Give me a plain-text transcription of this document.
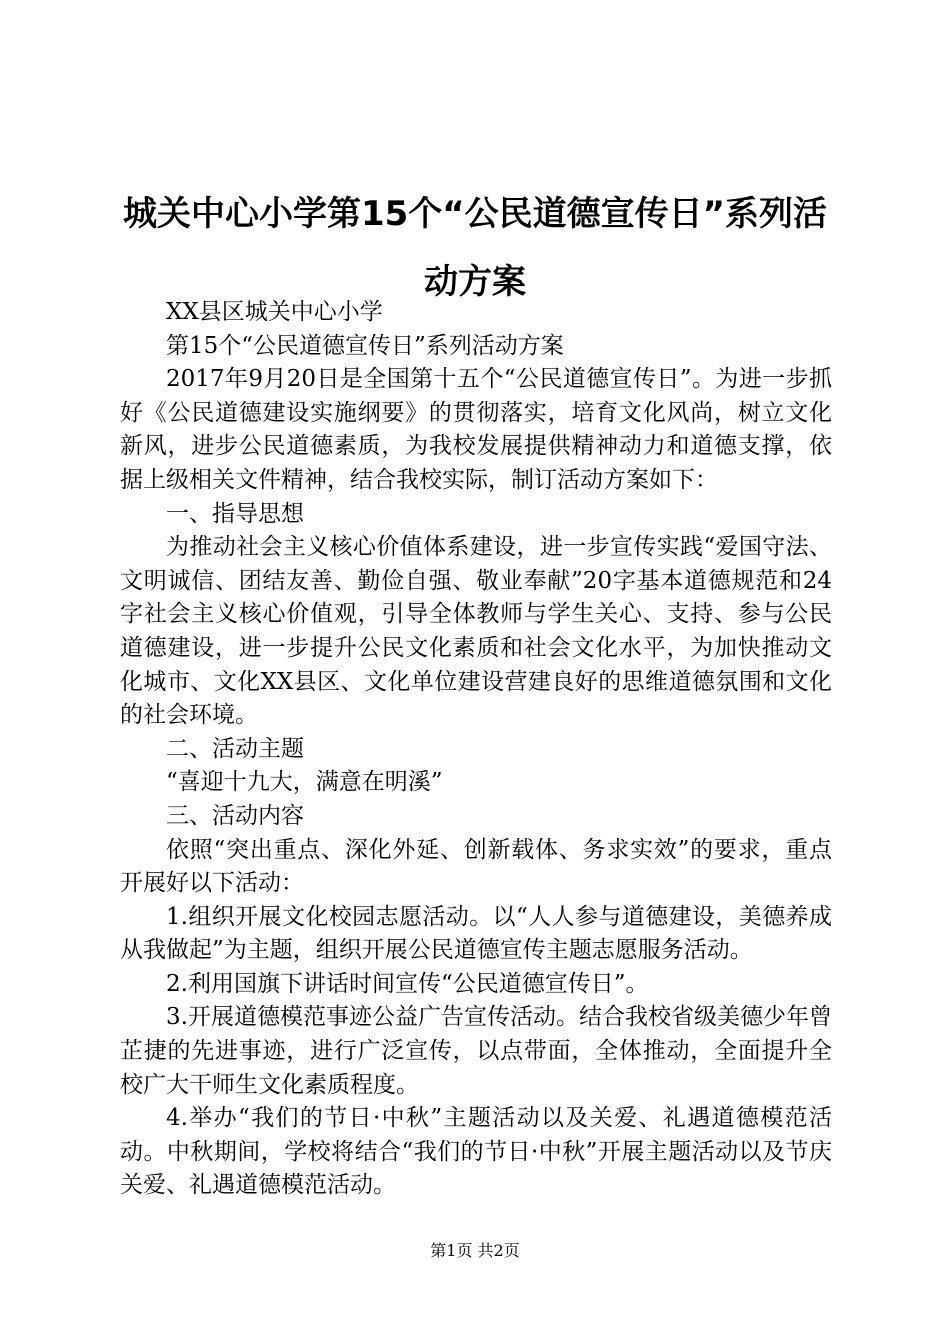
城关中心小学第15个“公民道德宣传日”系列活动方案

XX县区城关中心小学

第15个“公民道德宣传日”系列活动方案

2017年9月20日是全国第十五个“公民道德宣传日”。为进一步抓好《公民道德建设实施纲要》的贯彻落实，培育文化风尚，树立文化新风，进步公民道德素质，为我校发展提供精神动力和道德支撑，依据上级相关文件精神，结合我校实际，制订活动方案如下：

一、指导思想

为推动社会主义核心价值体系建设，进一步宣传实践“爱国守法、文明诚信、团结友善、勤俭自强、敬业奉献”20字基本道德规范和24字社会主义核心价值观，引导全体教师与学生关心、支持、参与公民道德建设，进一步提升公民文化素质和社会文化水平，为加快推动文化城市、文化XX县区、文化单位建设营建良好的思维道德氛围和文化的社会环境。

二、活动主题

“喜迎十九大，满意在明溪”

三、活动内容

依照“突出重点、深化外延、创新载体、务求实效”的要求，重点开展好以下活动：

1.组织开展文化校园志愿活动。以“人人参与道德建设，美德养成从我做起”为主题，组织开展公民道德宣传主题志愿服务活动。

2.利用国旗下讲话时间宣传“公民道德宣传日”。

3.开展道德模范事迹公益广告宣传活动。结合我校省级美德少年曾芷捷的先进事迹，进行广泛宣传，以点带面，全体推动，全面提升全校广大干师生文化素质程度。

4.举办“我们的节日·中秋”主题活动以及关爱、礼遇道德模范活动。中秋期间，学校将结合“我们的节日·中秋”开展主题活动以及节庆关爱、礼遇道德模范活动。

第1页 共2页
